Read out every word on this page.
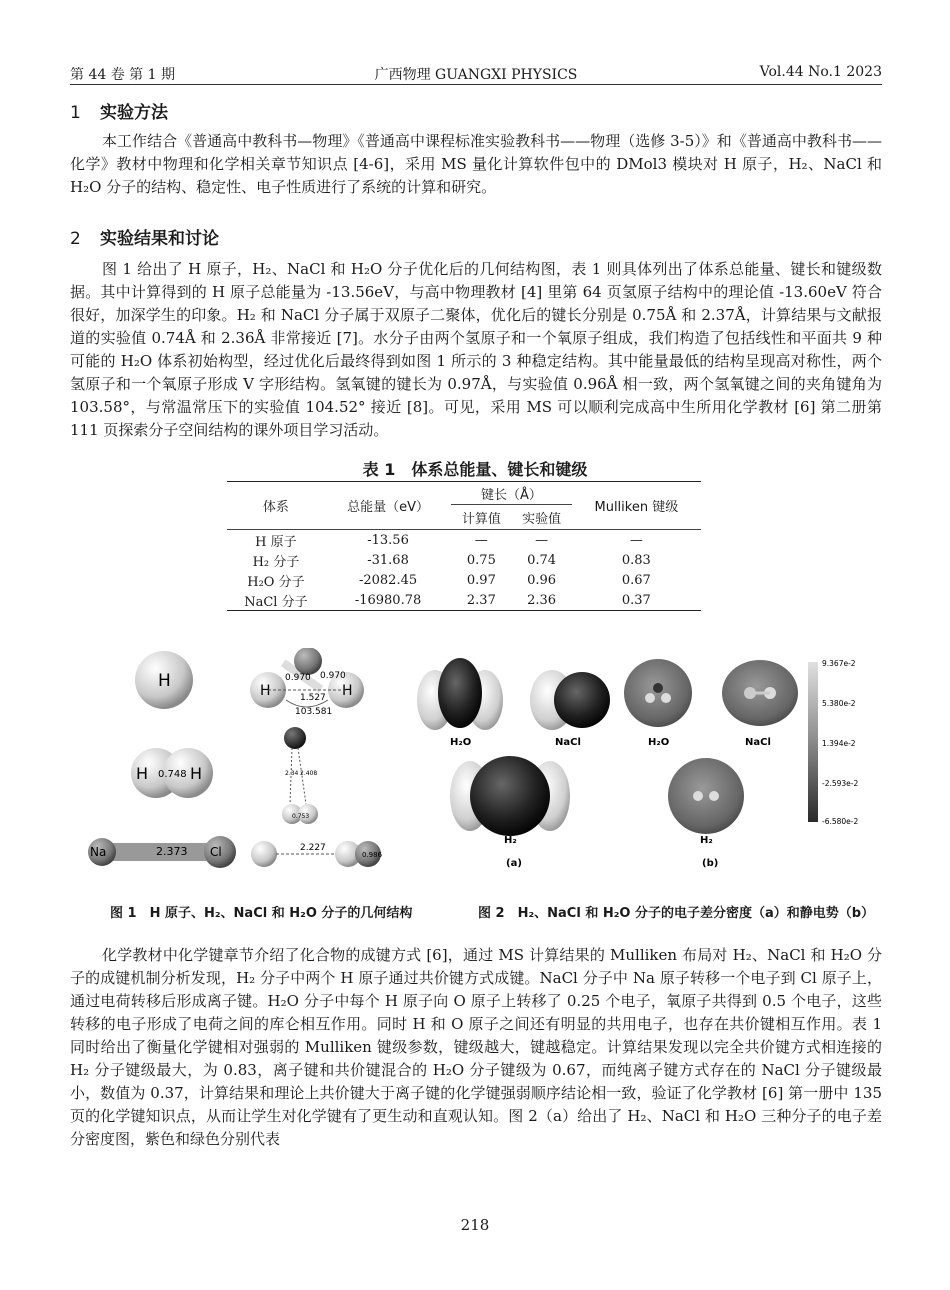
第 44 卷 第 1 期	广西物理 GUANGXI PHYSICS	Vol.44 No.1 2023
1 实验方法

本工作结合《普通高中教科书—物理》《普通高中课程标准实验教科书——物理（选修 3-5）》和《普通高中教科书——化学》教材中物理和化学相关章节知识点 [4-6]，采用 MS 量化计算软件包中的 DMol3 模块对 H 原子，H₂、NaCl 和 H₂O 分子的结构、稳定性、电子性质进行了系统的计算和研究。

2 实验结果和讨论

图 1 给出了 H 原子，H₂、NaCl 和 H₂O 分子优化后的几何结构图，表 1 则具体列出了体系总能量、键长和键级数据。其中计算得到的 H 原子总能量为 -13.56eV，与高中物理教材 [4] 里第 64 页氢原子结构中的理论值 -13.60eV 符合很好，加深学生的印象。H₂ 和 NaCl 分子属于双原子二聚体，优化后的键长分别是 0.75Å 和 2.37Å，计算结果与文献报道的实验值 0.74Å 和 2.36Å 非常接近 [7]。水分子由两个氢原子和一个氧原子组成，我们构造了包括线性和平面共 9 种可能的 H₂O 体系初始构型，经过优化后最终得到如图 1 所示的 3 种稳定结构。其中能量最低的结构呈现高对称性，两个氢原子和一个氧原子形成 V 字形结构。氢氧键的键长为 0.97Å，与实验值 0.96Å 相一致，两个氢氧键之间的夹角键角为 103.58°，与常温常压下的实验值 104.52° 接近 [8]。可见，采用 MS 可以顺利完成高中生所用化学教材 [6] 第二册第 111 页探索分子空间结构的课外项目学习活动。

表 1　体系总能量、键长和键级
体系	总能量（eV）	键长（Å）		Mulliken 键级
		计算值	实验值	
H 原子	-13.56	—	—	—
H₂ 分子	-31.68	0.75	0.74	0.83
H₂O 分子	-2082.45	0.97	0.96	0.67
NaCl 分子	-16980.78	2.37	2.36	0.37
H	H	H
0.970 0.970
1.527
103.581
2.34 2.408
0.753
H	H
0.748
Na	Cl
2.373	2.227
0.986
H₂O	NaCl
H₂
(a)
H₂O	NaCl
H₂
(b)
9.367e-2
5.380e-2
1.394e-2
-2.593e-2
-6.580e-2
图 1　H 原子、H₂、NaCl 和 H₂O 分子的几何结构	图 2　H₂、NaCl 和 H₂O 分子的电子差分密度（a）和静电势（b）

化学教材中化学键章节介绍了化合物的成键方式 [6]，通过 MS 计算结果的 Mulliken 布局对 H₂、NaCl 和 H₂O 分子的成键机制分析发现，H₂ 分子中两个 H 原子通过共价键方式成键。NaCl 分子中 Na 原子转移一个电子到 Cl 原子上，通过电荷转移后形成离子键。H₂O 分子中每个 H 原子向 O 原子上转移了 0.25 个电子，氧原子共得到 0.5 个电子，这些转移的电子形成了电荷之间的库仑相互作用。同时 H 和 O 原子之间还有明显的共用电子，也存在共价键相互作用。表 1 同时给出了衡量化学键相对强弱的 Mulliken 键级参数，键级越大，键越稳定。计算结果发现以完全共价键方式相连接的 H₂ 分子键级最大，为 0.83，离子键和共价键混合的 H₂O 分子键级为 0.67，而纯离子键方式存在的 NaCl 分子键级最小，数值为 0.37，计算结果和理论上共价键大于离子键的化学键强弱顺序结论相一致，验证了化学教材 [6] 第一册中 135 页的化学键知识点，从而让学生对化学键有了更生动和直观认知。图 2（a）给出了 H₂、NaCl 和 H₂O 三种分子的电子差分密度图，紫色和绿色分别代表

218
